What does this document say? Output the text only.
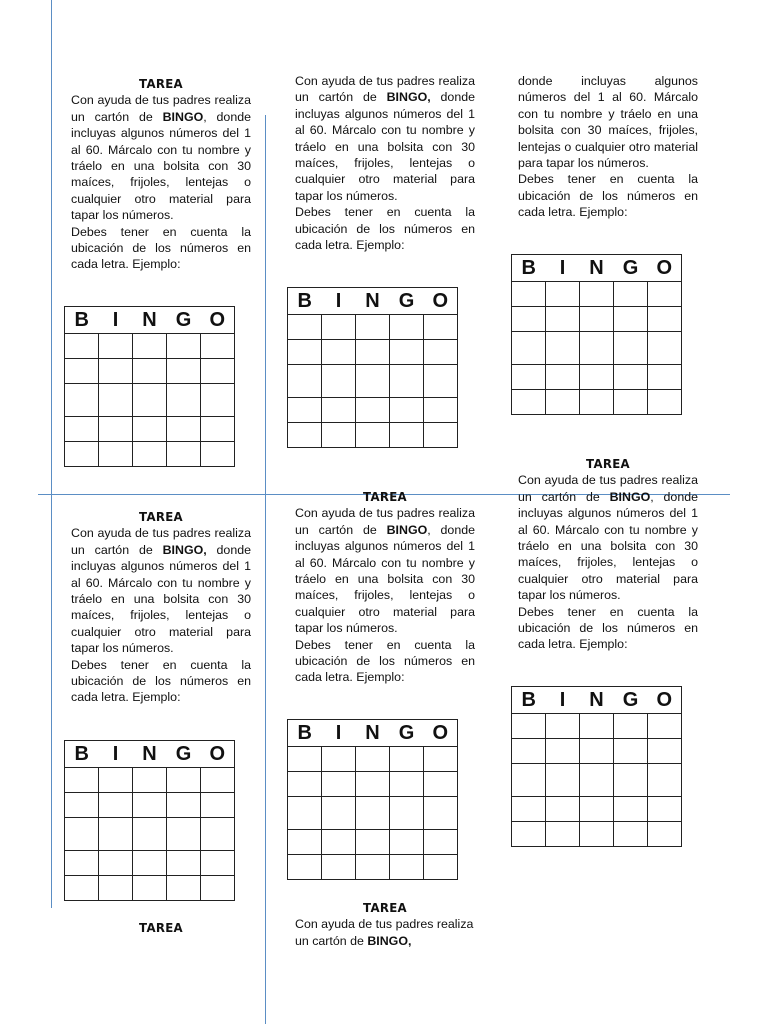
TAREA

Con ayuda de tus padres realiza un cartón de BINGO, donde incluyas algunos números del 1 al 60. Márcalo con tu nombre y tráelo en una bolsita con 30 maíces, frijoles, lentejas o cualquier otro material para tapar los números.

Debes tener en cuenta la ubicación de los números en cada letra. Ejemplo:

B	I	N	G	O

Con ayuda de tus padres realiza un cartón de BINGO, donde incluyas algunos números del 1 al 60. Márcalo con tu nombre y tráelo en una bolsita con 30 maíces, frijoles, lentejas o cualquier otro material para tapar los números.

Debes tener en cuenta la ubicación de los números en cada letra. Ejemplo:

B	I	N	G	O

donde incluyas algunos números del 1 al 60. Márcalo con tu nombre y tráelo en una bolsita con 30 maíces, frijoles, lentejas o cualquier otro material para tapar los números.

Debes tener en cuenta la ubicación de los números en cada letra. Ejemplo:

B	I	N	G	O

TAREA

Con ayuda de tus padres realiza un cartón de BINGO, donde incluyas algunos números del 1 al 60. Márcalo con tu nombre y tráelo en una bolsita con 30 maíces, frijoles, lentejas o cualquier otro material para tapar los números.

Debes tener en cuenta la ubicación de los números en cada letra. Ejemplo:

B	I	N	G	O

TAREA

Con ayuda de tus padres realiza un cartón de BINGO, donde incluyas algunos números del 1 al 60. Márcalo con tu nombre y tráelo en una bolsita con 30 maíces, frijoles, lentejas o cualquier otro material para tapar los números.

Debes tener en cuenta la ubicación de los números en cada letra. Ejemplo:

B	I	N	G	O

TAREA

Con ayuda de tus padres realiza un cartón de BINGO, donde incluyas algunos números del 1 al 60. Márcalo con tu nombre y tráelo en una bolsita con 30 maíces, frijoles, lentejas o cualquier otro material para tapar los números.

Debes tener en cuenta la ubicación de los números en cada letra. Ejemplo:

B	I	N	G	O

TAREA
TAREA

Con ayuda de tus padres realiza un cartón de BINGO,
